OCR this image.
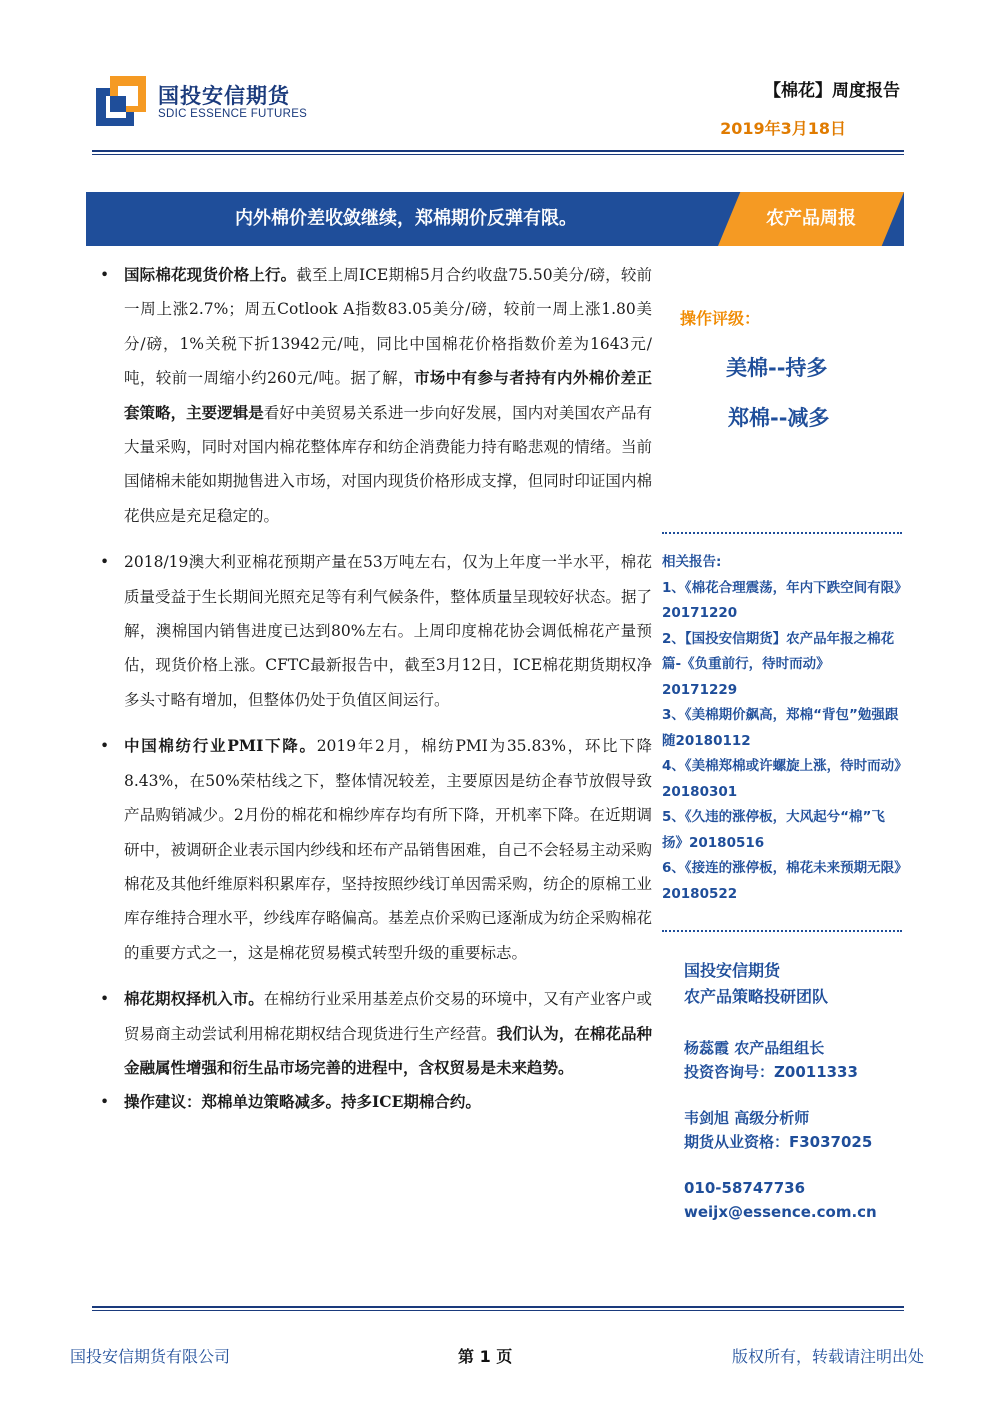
国投安信期货
SDIC ESSENCE FUTURES
【棉花】周度报告
2019年3月18日
内外棉价差收敛继续，郑棉期价反弹有限。	农产品周报
• 国际棉花现货价格上行。截至上周ICE期棉5月合约收盘75.50美分/磅，较前一周上涨2.7%；周五Cotlook A指数83.05美分/磅，较前一周上涨1.80美分/磅，1%关税下折13942元/吨，同比中国棉花价格指数价差为1643元/吨，较前一周缩小约260元/吨。据了解，市场中有参与者持有内外棉价差正套策略，主要逻辑是看好中美贸易关系进一步向好发展，国内对美国农产品有大量采购，同时对国内棉花整体库存和纺企消费能力持有略悲观的情绪。当前国储棉未能如期抛售进入市场，对国内现货价格形成支撑，但同时印证国内棉花供应是充足稳定的。
• 2018/19澳大利亚棉花预期产量在53万吨左右，仅为上年度一半水平，棉花质量受益于生长期间光照充足等有利气候条件，整体质量呈现较好状态。据了解，澳棉国内销售进度已达到80%左右。上周印度棉花协会调低棉花产量预估，现货价格上涨。CFTC最新报告中，截至3月12日，ICE棉花期货期权净多头寸略有增加，但整体仍处于负值区间运行。
• 中国棉纺行业PMI下降。2019年2月，棉纺PMI为35.83%，环比下降8.43%，在50%荣枯线之下，整体情况较差，主要原因是纺企春节放假导致产品购销减少。2月份的棉花和棉纱库存均有所下降，开机率下降。在近期调研中，被调研企业表示国内纱线和坯布产品销售困难，自己不会轻易主动采购棉花及其他纤维原料积累库存，坚持按照纱线订单因需采购，纺企的原棉工业库存维持合理水平，纱线库存略偏高。基差点价采购已逐渐成为纺企采购棉花的重要方式之一，这是棉花贸易模式转型升级的重要标志。
• 棉花期权择机入市。在棉纺行业采用基差点价交易的环境中，又有产业客户或贸易商主动尝试利用棉花期权结合现货进行生产经营。我们认为，在棉花品种金融属性增强和衍生品市场完善的进程中，含权贸易是未来趋势。
• 操作建议：郑棉单边策略减多。持多ICE期棉合约。
操作评级：
美棉--持多
郑棉--减多
相关报告:
1、《棉花合理震荡，年内下跌空间有限》20171220
2、【国投安信期货】农产品年报之棉花篇-《负重前行，待时而动》20171229
3、《美棉期价飙高，郑棉“背包”勉强跟随20180112
4、《美棉郑棉或许螺旋上涨，待时而动》20180301
5、《久违的涨停板，大风起兮“棉”飞扬》20180516
6、《接连的涨停板，棉花未来预期无限》20180522
国投安信期货
农产品策略投研团队
杨蕊霞 农产品组组长
投资咨询号：Z0011333
韦剑旭 高级分析师
期货从业资格：F3037025
010-58747736
weijx@essence.com.cn
国投安信期货有限公司	第 1 页	版权所有，转载请注明出处
